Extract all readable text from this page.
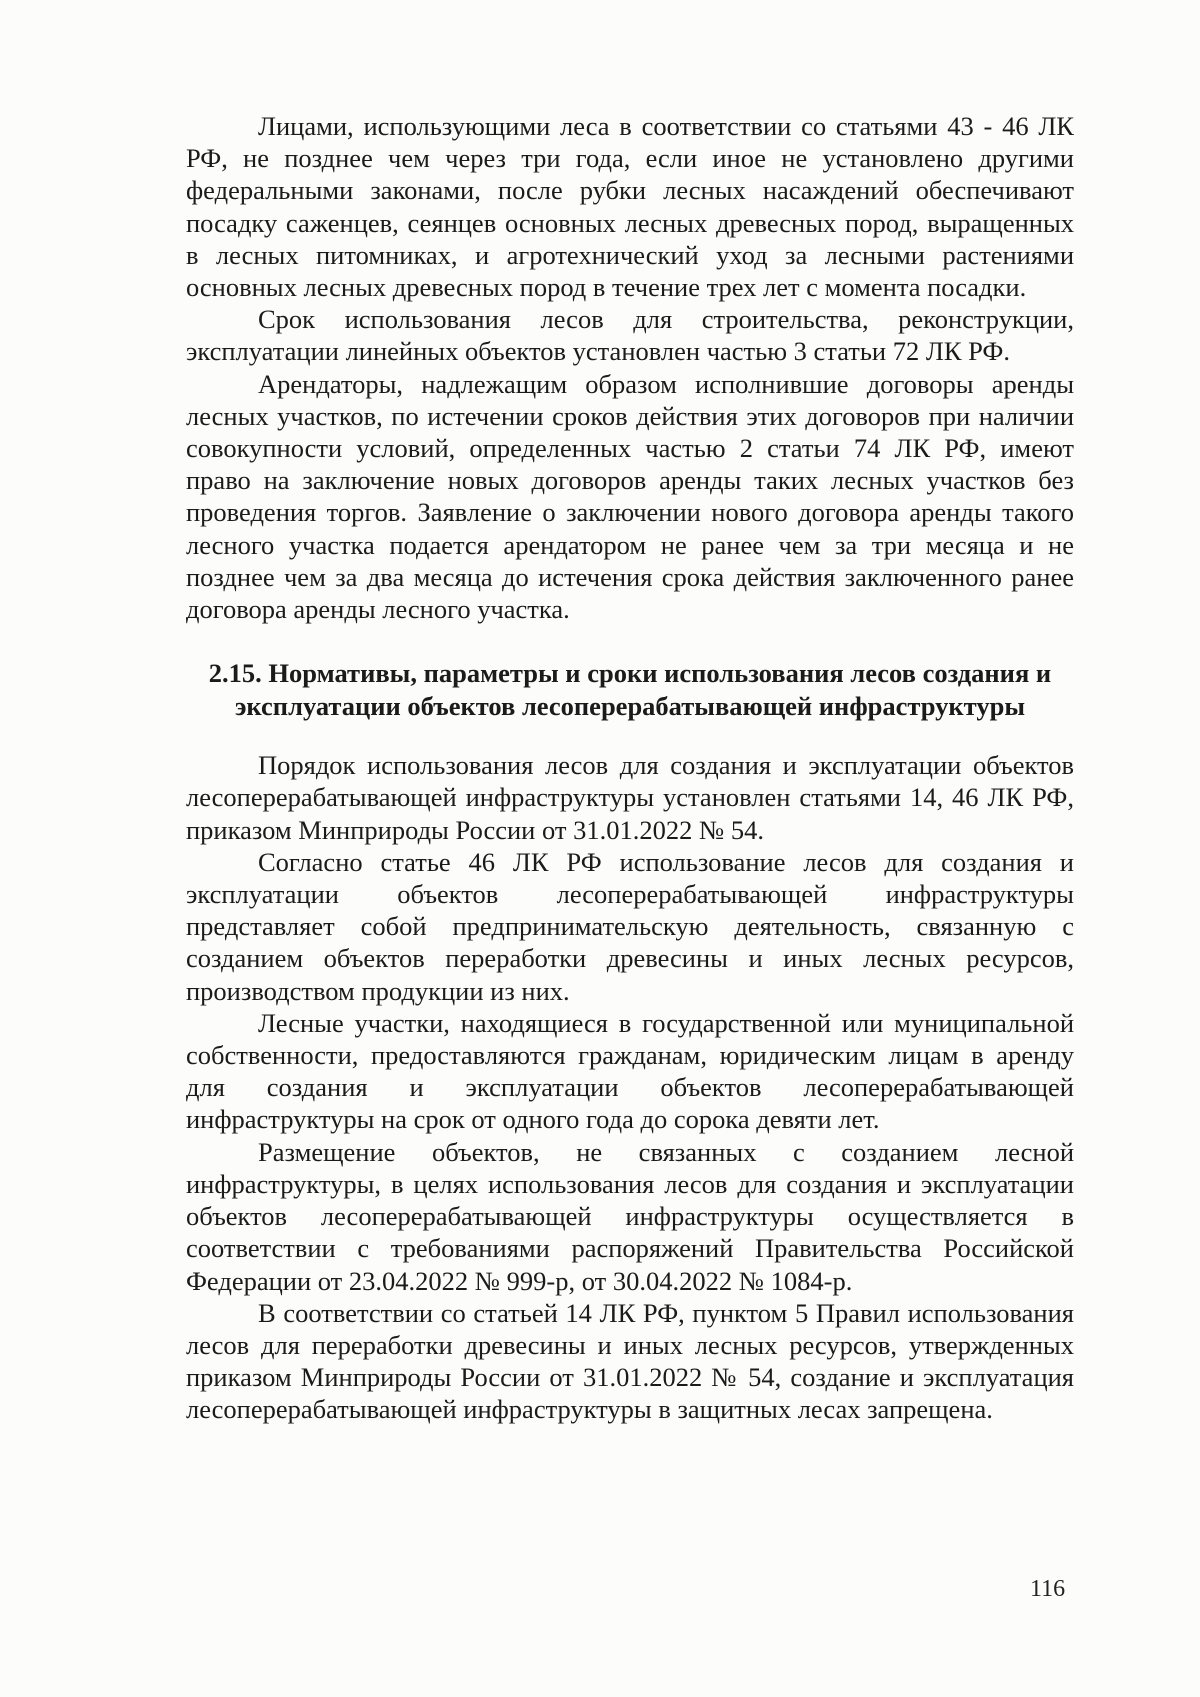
Лицами, использующими леса в соответствии со статьями 43 - 46 ЛК РФ, не позднее чем через три года, если иное не установлено другими федеральными законами, после рубки лесных насаждений обеспечивают посадку саженцев, сеянцев основных лесных древесных пород, выращенных в лесных питомниках, и агротехнический уход за лесными растениями основных лесных древесных пород в течение трех лет с момента посадки.

Срок использования лесов для строительства, реконструкции, эксплуатации линейных объектов установлен частью 3 статьи 72 ЛК РФ.

Арендаторы, надлежащим образом исполнившие договоры аренды лесных участков, по истечении сроков действия этих договоров при наличии совокупности условий, определенных частью 2 статьи 74 ЛК РФ, имеют право на заключение новых договоров аренды таких лесных участков без проведения торгов. Заявление о заключении нового договора аренды такого лесного участка подается арендатором не ранее чем за три месяца и не позднее чем за два месяца до истечения срока действия заключенного ранее договора аренды лесного участка.

2.15. Нормативы, параметры и сроки использования лесов создания и эксплуатации объектов лесоперерабатывающей инфраструктуры

Порядок использования лесов для создания и эксплуатации объектов лесоперерабатывающей инфраструктуры установлен статьями 14, 46 ЛК РФ, приказом Минприроды России от 31.01.2022 № 54.

Согласно статье 46 ЛК РФ использование лесов для создания и эксплуатации объектов лесоперерабатывающей инфраструктуры представляет собой предпринимательскую деятельность, связанную с созданием объектов переработки древесины и иных лесных ресурсов, производством продукции из них.

Лесные участки, находящиеся в государственной или муниципальной собственности, предоставляются гражданам, юридическим лицам в аренду для создания и эксплуатации объектов лесоперерабатывающей инфраструктуры на срок от одного года до сорока девяти лет.

Размещение объектов, не связанных с созданием лесной инфраструктуры, в целях использования лесов для создания и эксплуатации объектов лесоперерабатывающей инфраструктуры осуществляется в соответствии с требованиями распоряжений Правительства Российской Федерации от 23.04.2022 № 999-р, от 30.04.2022 № 1084-р.

В соответствии со статьей 14 ЛК РФ, пунктом 5 Правил использования лесов для переработки древесины и иных лесных ресурсов, утвержденных приказом Минприроды России от 31.01.2022 № 54, создание и эксплуатация лесоперерабатывающей инфраструктуры в защитных лесах запрещена.

116
